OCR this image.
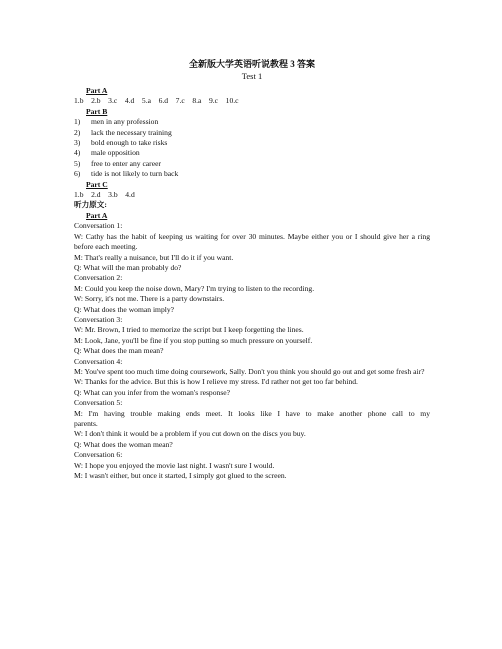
全新版大学英语听说教程 3 答案
Test 1
Part A
1.b    2.b    3.c    4.d    5.a    6.d    7.c    8.a    9.c    10.c
Part B
1)	men in any profession
2)	lack the necessary training
3)	bold enough to take risks
4)	male opposition
5)	free to enter any career
6)	tide is not likely to turn back
Part C
1.b    2.d    3.b    4.d
听力原文:
Part A
Conversation 1:
W: Cathy has the habit of keeping us waiting for over 30 minutes. Maybe either you or I should give her a ring before each meeting.
M: That's really a nuisance, but I'll do it if you want.
Q: What will the man probably do?
Conversation 2:
M: Could you keep the noise down, Mary? I'm trying to listen to the recording.
W: Sorry, it's not me. There is a party downstairs.
Q: What does the woman imply?
Conversation 3:
W: Mr. Brown, I tried to memorize the script but I keep forgetting the lines.
M: Look, Jane, you'll be fine if you stop putting so much pressure on yourself.
Q: What does the man mean?
Conversation 4:
M: You've spent too much time doing coursework, Sally. Don't you think you should go out and get some fresh air?
W: Thanks for the advice. But this is how I relieve my stress. I'd rather not get too far behind.
Q: What can you infer from the woman's response?
Conversation 5:
M: I'm having trouble making ends meet. It looks like I have to make another phone call to my parents.
W: I don't think it would be a problem if you cut down on the discs you buy.
Q: What does the woman mean?
Conversation 6:
W: I hope you enjoyed the movie last night. I wasn't sure I would.
M: I wasn't either, but once it started, I simply got glued to the screen.
